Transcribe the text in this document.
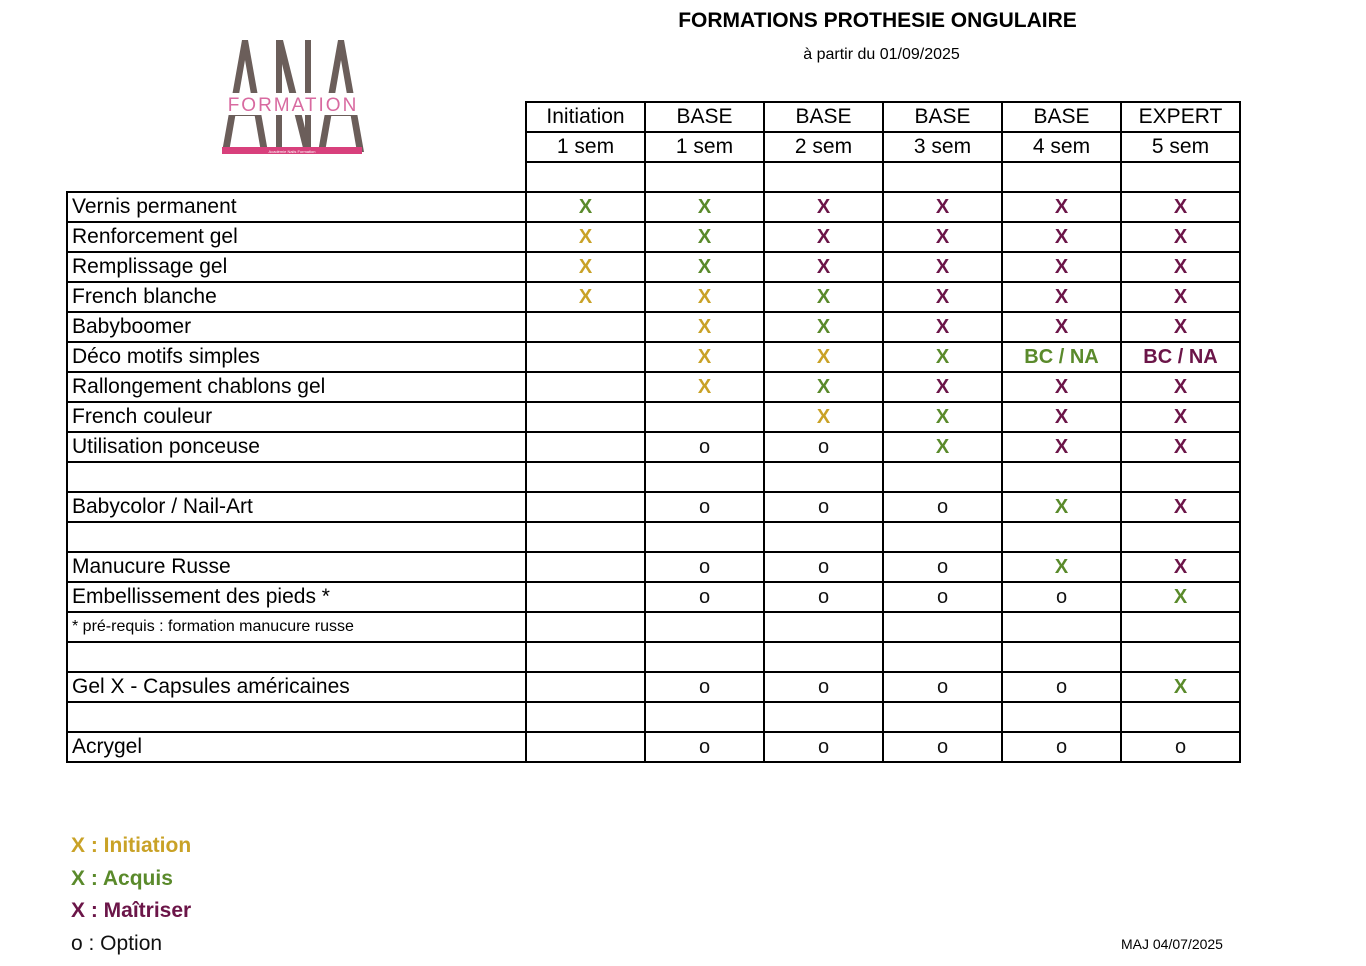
FORMATIONS PROTHESIE ONGULAIRE
à partir du 01/09/2025
FORMATION
Académie Nails Formation
	Initiation	BASE	BASE	BASE	BASE	EXPERT
	1 sem	1 sem	2 sem	3 sem	4 sem	5 sem

Vernis permanent	X	X	X	X	X	X
Renforcement gel	X	X	X	X	X	X
Remplissage gel	X	X	X	X	X	X
French blanche	X	X	X	X	X	X
Babyboomer		X	X	X	X	X
Déco motifs simples		X	X	X	BC / NA	BC / NA
Rallongement chablons gel		X	X	X	X	X
French couleur			X	X	X	X
Utilisation ponceuse		o	o	X	X	X

Babycolor / Nail-Art		o	o	o	X	X

Manucure Russe		o	o	o	X	X
Embellissement des pieds *		o	o	o	o	X
* pré-requis : formation manucure russe						

Gel X - Capsules américaines		o	o	o	o	X

Acrygel		o	o	o	o	o
X : Initiation
X : Acquis
X : Maîtriser
o : Option	MAJ 04/07/2025
